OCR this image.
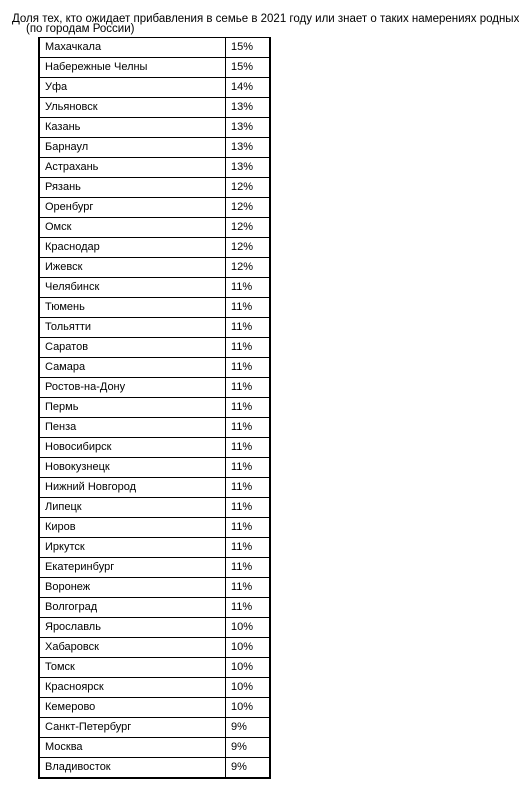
Доля тех, кто ожидает прибавления в семье в 2021 году или знает о таких намерениях родных
(по городам России)
Махачкала	15%
Набережные Челны	15%
Уфа	14%
Ульяновск	13%
Казань	13%
Барнаул	13%
Астрахань	13%
Рязань	12%
Оренбург	12%
Омск	12%
Краснодар	12%
Ижевск	12%
Челябинск	11%
Тюмень	11%
Тольятти	11%
Саратов	11%
Самара	11%
Ростов-на-Дону	11%
Пермь	11%
Пенза	11%
Новосибирск	11%
Новокузнецк	11%
Нижний Новгород	11%
Липецк	11%
Киров	11%
Иркутск	11%
Екатеринбург	11%
Воронеж	11%
Волгоград	11%
Ярославль	10%
Хабаровск	10%
Томск	10%
Красноярск	10%
Кемерово	10%
Санкт-Петербург	9%
Москва	9%
Владивосток	9%
